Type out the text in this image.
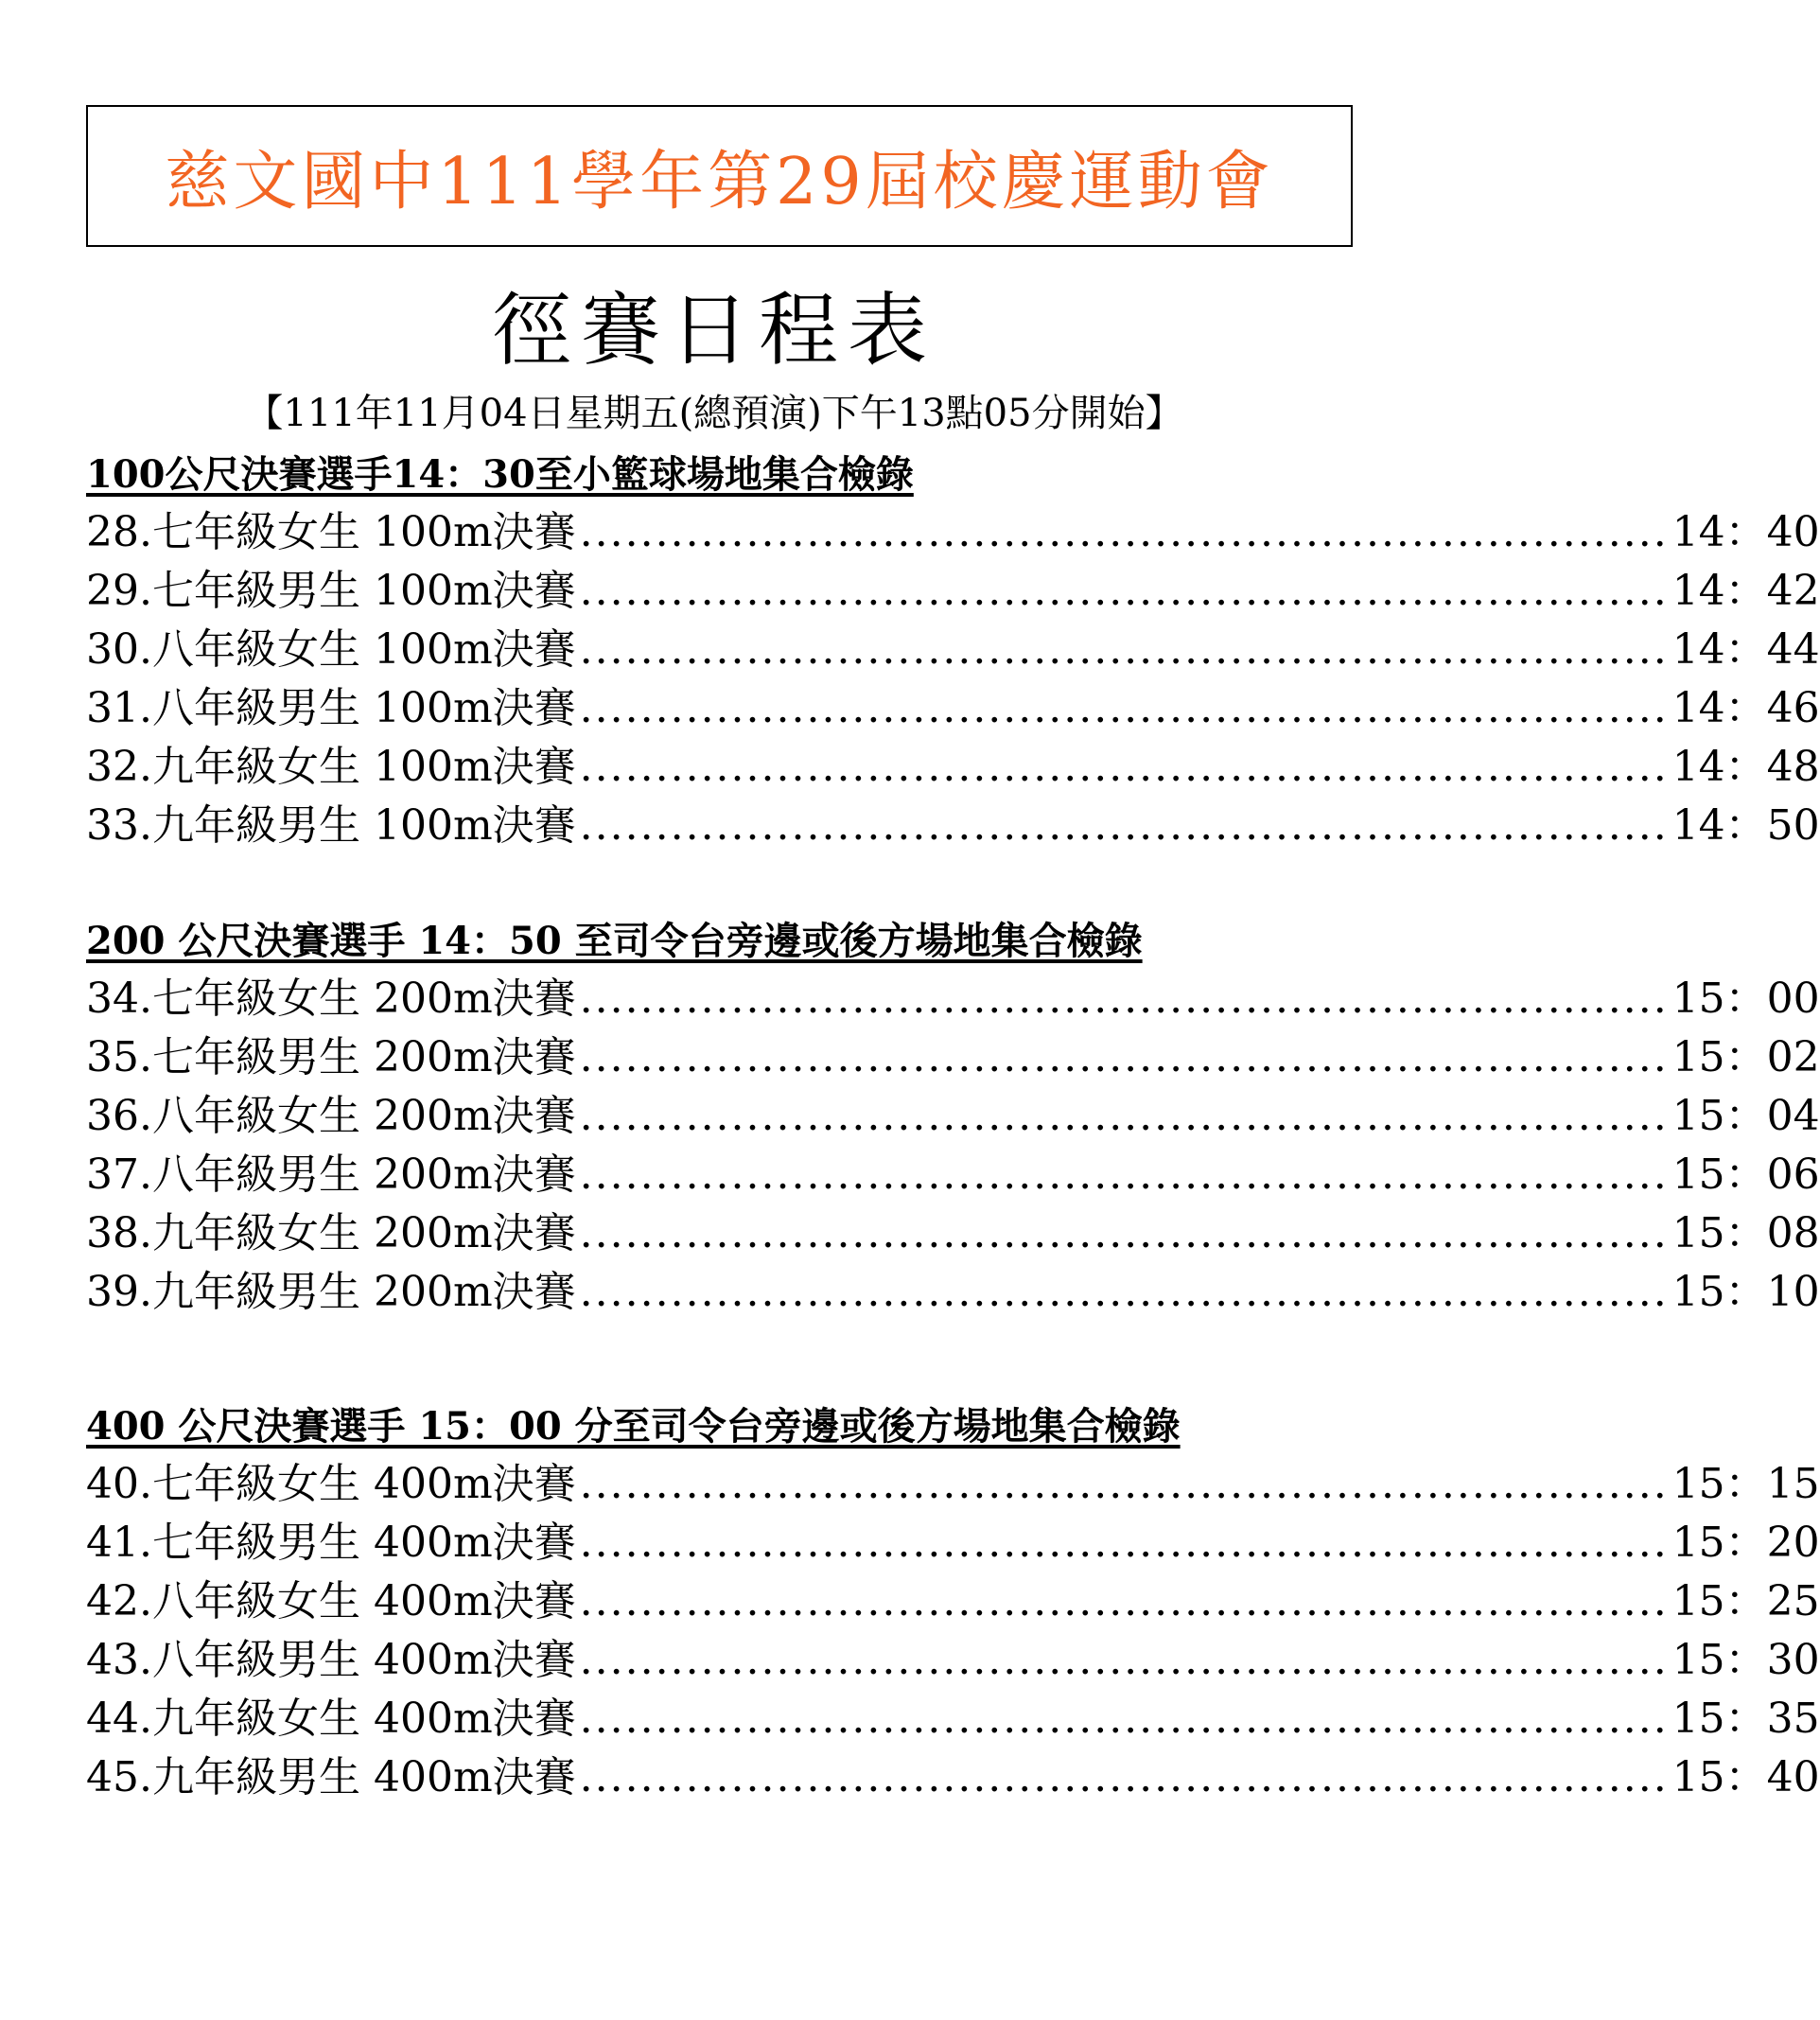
慈文國中111學年第29屆校慶運動會
徑賽日程表
【111年11月04日星期五(總預演)下午13點05分開始】
100公尺決賽選手14：30至小籃球場地集合檢錄
28.七年級女生 100m決賽 ........................................................................ 14：40
29.七年級男生 100m決賽 ........................................................................ 14：42
30.八年級女生 100m決賽 ........................................................................ 14：44
31.八年級男生 100m決賽 ........................................................................ 14：46
32.九年級女生 100m決賽 ........................................................................ 14：48
33.九年級男生 100m決賽 ........................................................................ 14：50
200 公尺決賽選手 14：50 至司令台旁邊或後方場地集合檢錄
34.七年級女生 200m決賽 ........................................................................ 15：00
35.七年級男生 200m決賽 ........................................................................ 15：02
36.八年級女生 200m決賽 ........................................................................ 15：04
37.八年級男生 200m決賽 ........................................................................ 15：06
38.九年級女生 200m決賽 ........................................................................ 15：08
39.九年級男生 200m決賽 ........................................................................ 15：10
400 公尺決賽選手 15：00 分至司令台旁邊或後方場地集合檢錄
40.七年級女生 400m決賽 ........................................................................ 15：15
41.七年級男生 400m決賽 ........................................................................ 15：20
42.八年級女生 400m決賽 ........................................................................ 15：25
43.八年級男生 400m決賽 ........................................................................ 15：30
44.九年級女生 400m決賽 ........................................................................ 15：35
45.九年級男生 400m決賽 ........................................................................ 15：40
